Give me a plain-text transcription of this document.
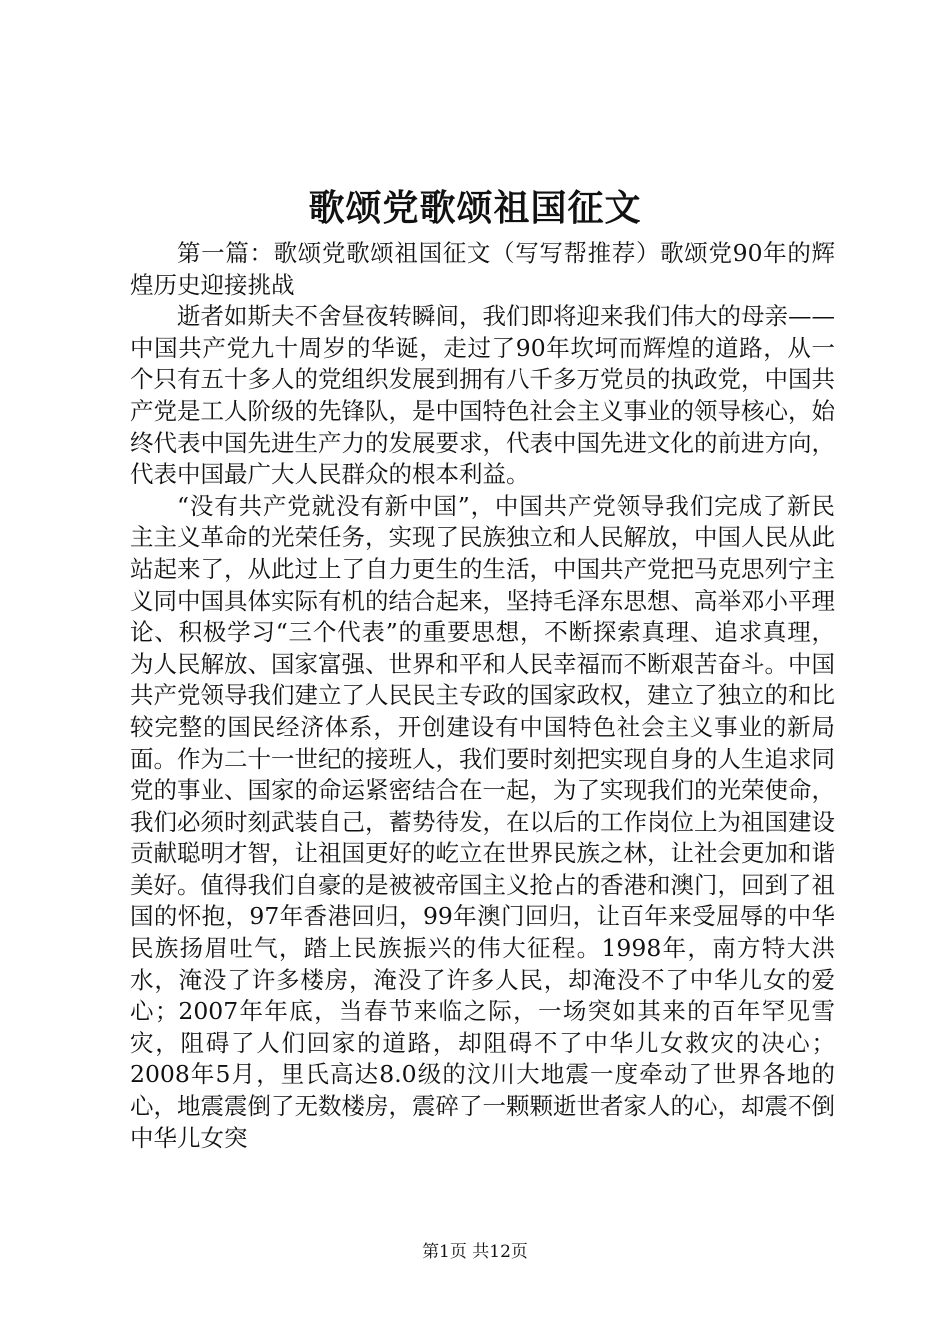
歌颂党歌颂祖国征文

第一篇：歌颂党歌颂祖国征文（写写帮推荐）歌颂党90年的辉煌历史迎接挑战

逝者如斯夫不舍昼夜转瞬间，我们即将迎来我们伟大的母亲——中国共产党九十周岁的华诞，走过了90年坎坷而辉煌的道路，从一个只有五十多人的党组织发展到拥有八千多万党员的执政党，中国共产党是工人阶级的先锋队，是中国特色社会主义事业的领导核心，始终代表中国先进生产力的发展要求，代表中国先进文化的前进方向，代表中国最广大人民群众的根本利益。

“没有共产党就没有新中国”，中国共产党领导我们完成了新民主主义革命的光荣任务，实现了民族独立和人民解放，中国人民从此站起来了，从此过上了自力更生的生活，中国共产党把马克思列宁主义同中国具体实际有机的结合起来，坚持毛泽东思想、高举邓小平理论、积极学习“三个代表”的重要思想，不断探索真理、追求真理，为人民解放、国家富强、世界和平和人民幸福而不断艰苦奋斗。中国共产党领导我们建立了人民民主专政的国家政权，建立了独立的和比较完整的国民经济体系，开创建设有中国特色社会主义事业的新局面。作为二十一世纪的接班人，我们要时刻把实现自身的人生追求同党的事业、国家的命运紧密结合在一起，为了实现我们的光荣使命，我们必须时刻武装自己，蓄势待发，在以后的工作岗位上为祖国建设贡献聪明才智，让祖国更好的屹立在世界民族之林，让社会更加和谐美好。值得我们自豪的是被被帝国主义抢占的香港和澳门，回到了祖国的怀抱，97年香港回归，99年澳门回归，让百年来受屈辱的中华民族扬眉吐气，踏上民族振兴的伟大征程。1998年，南方特大洪水，淹没了许多楼房，淹没了许多人民，却淹没不了中华儿女的爱心；2007年年底，当春节来临之际，一场突如其来的百年罕见雪灾，阻碍了人们回家的道路，却阻碍不了中华儿女救灾的决心；2008年5月，里氏高达8.0级的汶川大地震一度牵动了世界各地的心，地震震倒了无数楼房，震碎了一颗颗逝世者家人的心，却震不倒中华儿女突

第1页 共12页
